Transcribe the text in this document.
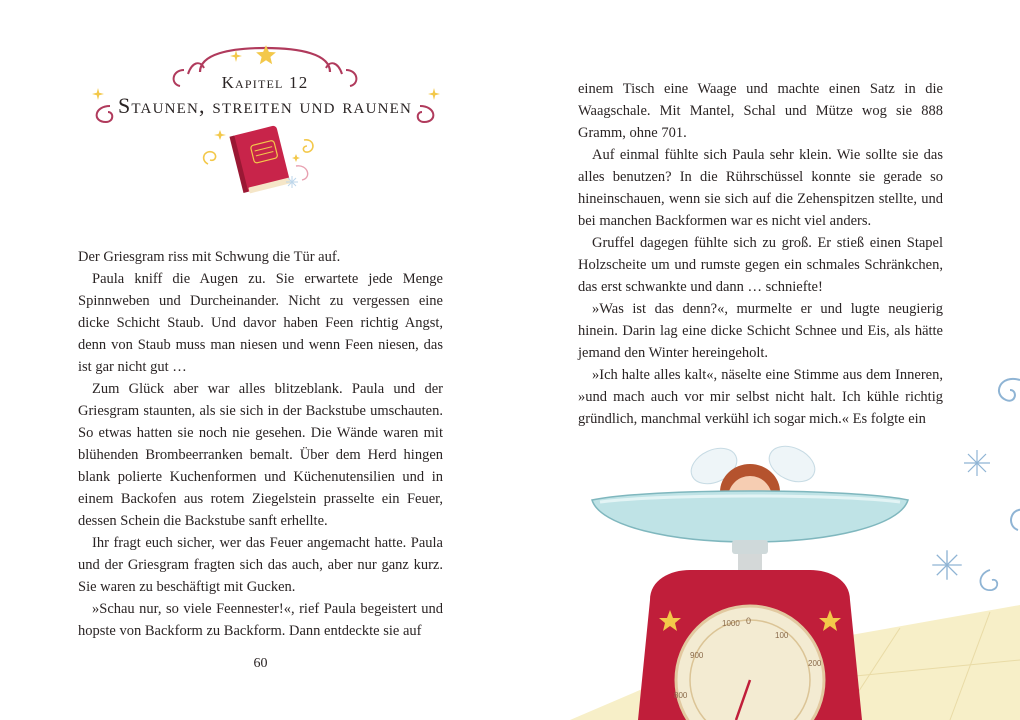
Kapitel 12
Staunen, streiten und raunen

Der Griesgram riss mit Schwung die Tür auf.

Paula kniff die Augen zu. Sie erwartete jede Menge Spinnweben und Durcheinander. Nicht zu vergessen eine dicke Schicht Staub. Und davor haben Feen richtig Angst, denn von Staub muss man niesen und wenn Feen niesen, das ist gar nicht gut …

Zum Glück aber war alles blitzeblank. Paula und der Griesgram staunten, als sie sich in der Backstube umschauten. So etwas hatten sie noch nie gesehen. Die Wände waren mit blühenden Brombeerranken bemalt. Über dem Herd hingen blank polierte Kuchenformen und Küchenutensilien und in einem Backofen aus rotem Ziegelstein prasselte ein Feuer, dessen Schein die Backstube sanft erhellte.

Ihr fragt euch sicher, wer das Feuer angemacht hatte. Paula und der Griesgram fragten sich das auch, aber nur ganz kurz. Sie waren zu beschäftigt mit Gucken.

»Schau nur, so viele Feennester!«, rief Paula begeistert und hopste von Backform zu Backform. Dann entdeckte sie auf

60

einem Tisch eine Waage und machte einen Satz in die Waagschale. Mit Mantel, Schal und Mütze wog sie 888 Gramm, ohne 701.

Auf einmal fühlte sich Paula sehr klein. Wie sollte sie das alles benutzen? In die Rührschüssel konnte sie gerade so hineinschauen, wenn sie sich auf die Zehenspitzen stellte, und bei manchen Backformen war es nicht viel anders.

Gruffel dagegen fühlte sich zu groß. Er stieß einen Stapel Holzscheite um und rumste gegen ein schmales Schränkchen, das erst schwankte und dann … schniefte!

»Was ist das denn?«, murmelte er und lugte neugierig hinein. Darin lag eine dicke Schicht Schnee und Eis, als hätte jemand den Winter hereingeholt.

»Ich halte alles kalt«, näselte eine Stimme aus dem Inneren, »und mach auch vor mir selbst nicht halt. Ich kühle richtig gründlich, manchmal verkühl ich sogar mich.« Es folgte ein

1000 0
100
900
800
200
